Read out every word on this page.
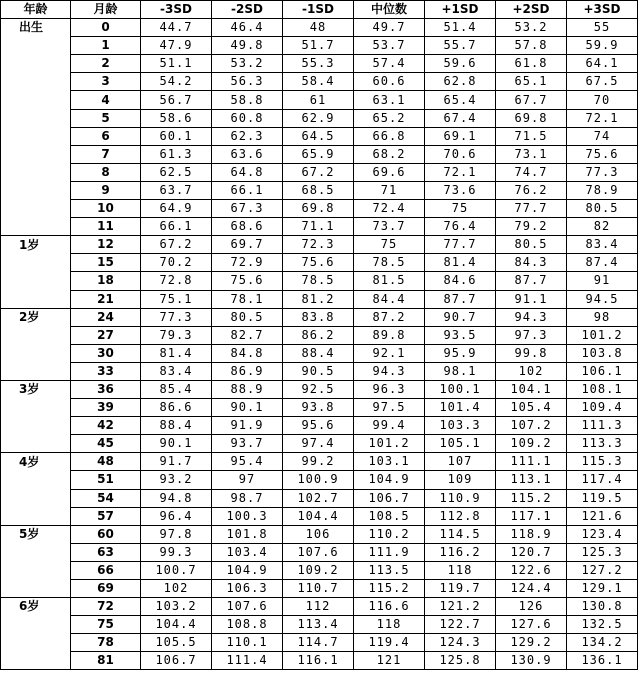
年龄	月龄	-3SD	-2SD	-1SD	中位数	+1SD	+2SD	+3SD
出生	0	44.7	46.4	48	49.7	51.4	53.2	55
	1	47.9	49.8	51.7	53.7	55.7	57.8	59.9
	2	51.1	53.2	55.3	57.4	59.6	61.8	64.1
	3	54.2	56.3	58.4	60.6	62.8	65.1	67.5
	4	56.7	58.8	61	63.1	65.4	67.7	70
	5	58.6	60.8	62.9	65.2	67.4	69.8	72.1
	6	60.1	62.3	64.5	66.8	69.1	71.5	74
	7	61.3	63.6	65.9	68.2	70.6	73.1	75.6
	8	62.5	64.8	67.2	69.6	72.1	74.7	77.3
	9	63.7	66.1	68.5	71	73.6	76.2	78.9
	10	64.9	67.3	69.8	72.4	75	77.7	80.5
	11	66.1	68.6	71.1	73.7	76.4	79.2	82
1岁	12	67.2	69.7	72.3	75	77.7	80.5	83.4
	15	70.2	72.9	75.6	78.5	81.4	84.3	87.4
	18	72.8	75.6	78.5	81.5	84.6	87.7	91
	21	75.1	78.1	81.2	84.4	87.7	91.1	94.5
2岁	24	77.3	80.5	83.8	87.2	90.7	94.3	98
	27	79.3	82.7	86.2	89.8	93.5	97.3	101.2
	30	81.4	84.8	88.4	92.1	95.9	99.8	103.8
	33	83.4	86.9	90.5	94.3	98.1	102	106.1
3岁	36	85.4	88.9	92.5	96.3	100.1	104.1	108.1
	39	86.6	90.1	93.8	97.5	101.4	105.4	109.4
	42	88.4	91.9	95.6	99.4	103.3	107.2	111.3
	45	90.1	93.7	97.4	101.2	105.1	109.2	113.3
4岁	48	91.7	95.4	99.2	103.1	107	111.1	115.3
	51	93.2	97	100.9	104.9	109	113.1	117.4
	54	94.8	98.7	102.7	106.7	110.9	115.2	119.5
	57	96.4	100.3	104.4	108.5	112.8	117.1	121.6
5岁	60	97.8	101.8	106	110.2	114.5	118.9	123.4
	63	99.3	103.4	107.6	111.9	116.2	120.7	125.3
	66	100.7	104.9	109.2	113.5	118	122.6	127.2
	69	102	106.3	110.7	115.2	119.7	124.4	129.1
6岁	72	103.2	107.6	112	116.6	121.2	126	130.8
	75	104.4	108.8	113.4	118	122.7	127.6	132.5
	78	105.5	110.1	114.7	119.4	124.3	129.2	134.2
	81	106.7	111.4	116.1	121	125.8	130.9	136.1
